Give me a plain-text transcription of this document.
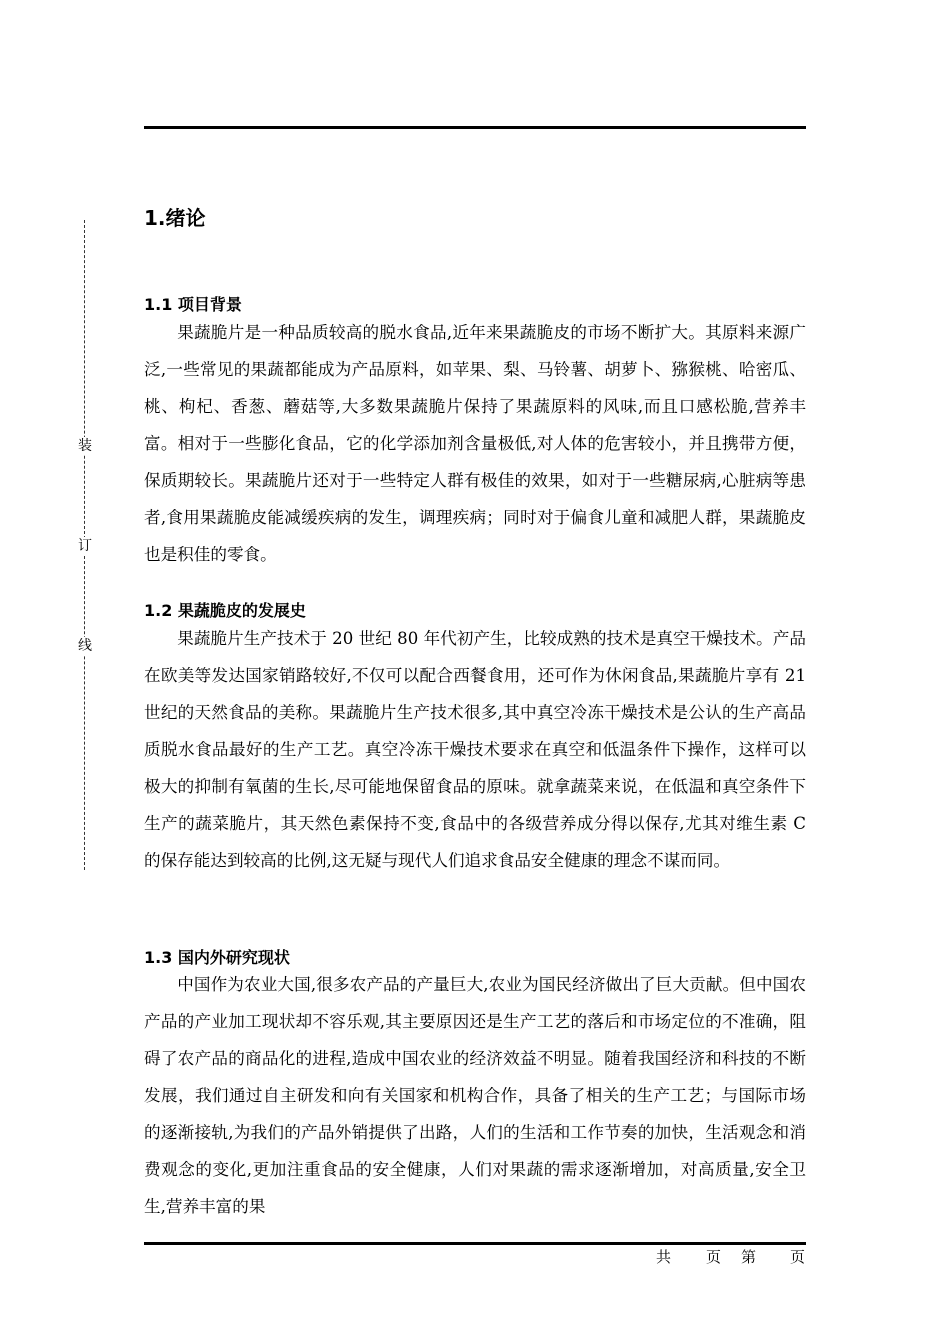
装
订
线
1.绪论
1.1 项目背景

果蔬脆片是一种品质较高的脱水食品,近年来果蔬脆皮的市场不断扩大。其原料来源广泛,一些常见的果蔬都能成为产品原料，如苹果、梨、马铃薯、胡萝卜、猕猴桃、哈密瓜、桃、枸杞、香葱、蘑菇等,大多数果蔬脆片保持了果蔬原料的风味,而且口感松脆,营养丰富。相对于一些膨化食品，它的化学添加剂含量极低,对人体的危害较小，并且携带方便，保质期较长。果蔬脆片还对于一些特定人群有极佳的效果，如对于一些糖尿病,心脏病等患者,食用果蔬脆皮能减缓疾病的发生，调理疾病；同时对于偏食儿童和减肥人群，果蔬脆皮也是积佳的零食。

1.2 果蔬脆皮的发展史

果蔬脆片生产技术于 20 世纪 80 年代初产生，比较成熟的技术是真空干燥技术。产品在欧美等发达国家销路较好,不仅可以配合西餐食用，还可作为休闲食品,果蔬脆片享有 21 世纪的天然食品的美称。果蔬脆片生产技术很多,其中真空冷冻干燥技术是公认的生产高品质脱水食品最好的生产工艺。真空冷冻干燥技术要求在真空和低温条件下操作，这样可以极大的抑制有氧菌的生长,尽可能地保留食品的原味。就拿蔬菜来说，在低温和真空条件下生产的蔬菜脆片，其天然色素保持不变,食品中的各级营养成分得以保存,尤其对维生素 C 的保存能达到较高的比例,这无疑与现代人们追求食品安全健康的理念不谋而同。

1.3 国内外研究现状

中国作为农业大国,很多农产品的产量巨大,农业为国民经济做出了巨大贡献。但中国农产品的产业加工现状却不容乐观,其主要原因还是生产工艺的落后和市场定位的不准确，阻碍了农产品的商品化的进程,造成中国农业的经济效益不明显。随着我国经济和科技的不断发展，我们通过自主研发和向有关国家和机构合作，具备了相关的生产工艺；与国际市场的逐渐接轨,为我们的产品外销提供了出路，人们的生活和工作节奏的加快，生活观念和消费观念的变化,更加注重食品的安全健康，人们对果蔬的需求逐渐增加，对高质量,安全卫生,营养丰富的果

共 页 第 页
